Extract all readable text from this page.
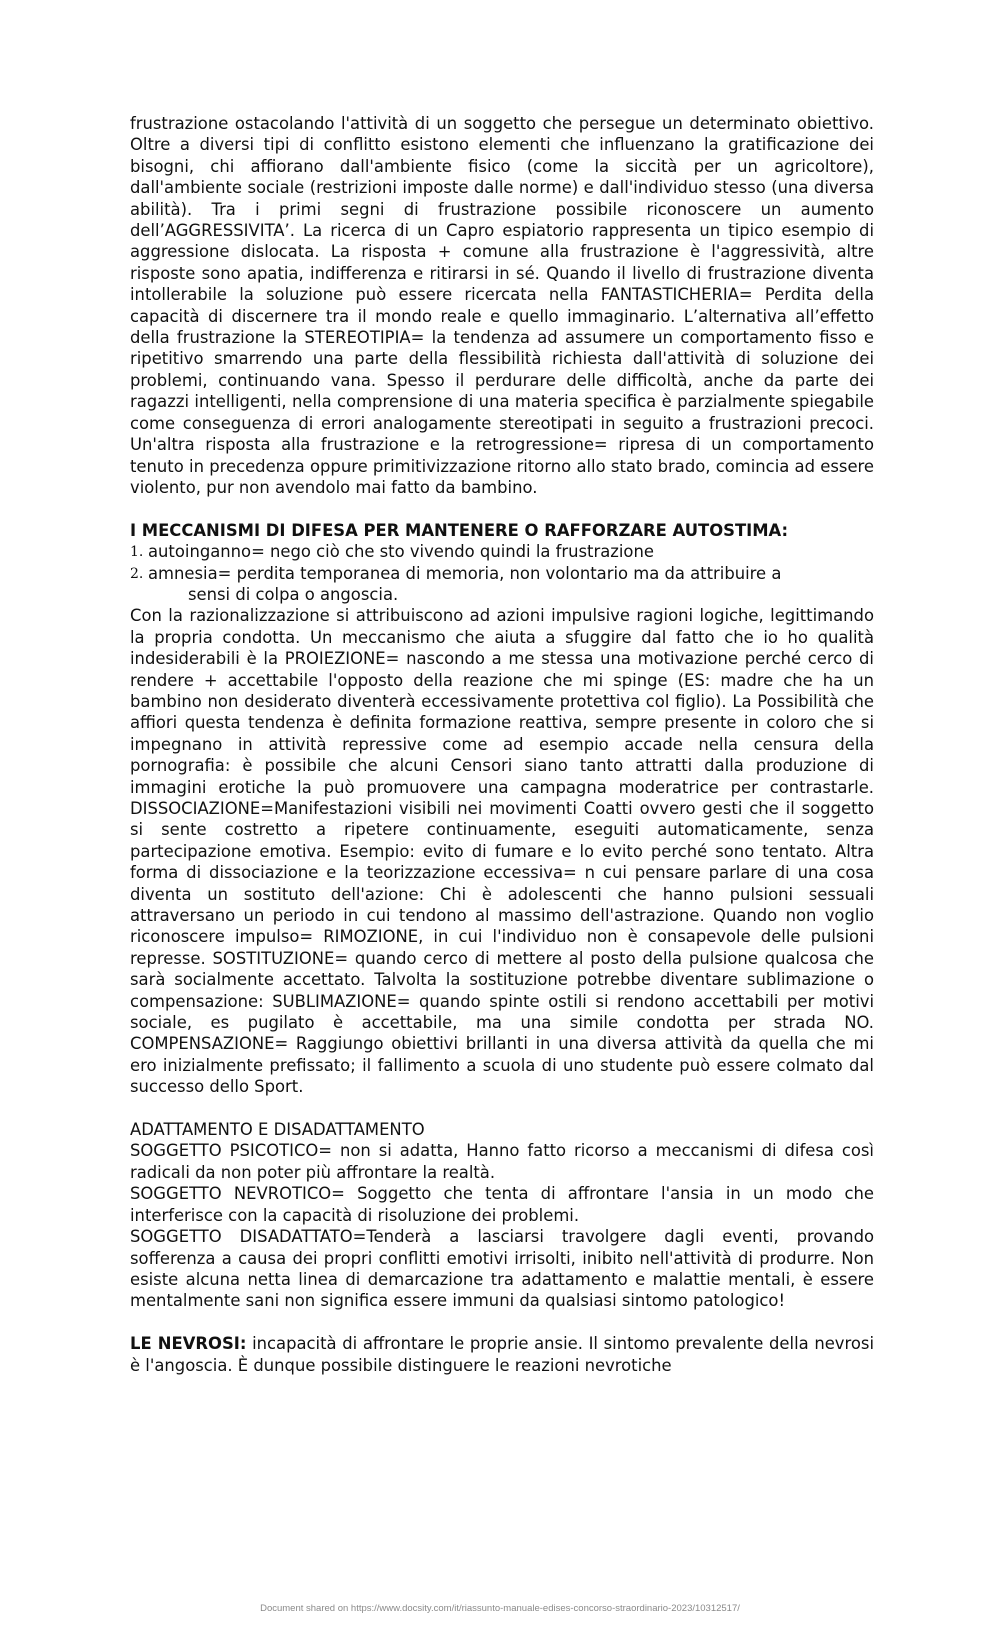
frustrazione ostacolando l'attività di un soggetto che persegue un determinato obiettivo. Oltre a diversi tipi di conflitto esistono elementi che influenzano la gratificazione dei bisogni, chi affiorano dall'ambiente fisico (come la siccità per un agricoltore), dall'ambiente sociale (restrizioni imposte dalle norme) e dall'individuo stesso (una diversa abilità). Tra i primi segni di frustrazione possibile riconoscere un aumento dell’AGGRESSIVITA’. La ricerca di un Capro espiatorio rappresenta un tipico esempio di aggressione dislocata. La risposta + comune alla frustrazione è l'aggressività, altre risposte sono apatia, indifferenza e ritirarsi in sé. Quando il livello di frustrazione diventa intollerabile la soluzione può essere ricercata nella FANTASTICHERIA= Perdita della capacità di discernere tra il mondo reale e quello immaginario. L’alternativa all’effetto della frustrazione la STEREOTIPIA= la tendenza ad assumere un comportamento fisso e ripetitivo smarrendo una parte della flessibilità richiesta dall'attività di soluzione dei problemi, continuando vana. Spesso il perdurare delle difficoltà, anche da parte dei ragazzi intelligenti, nella comprensione di una materia specifica è parzialmente spiegabile come conseguenza di errori analogamente stereotipati in seguito a frustrazioni precoci. Un'altra risposta alla frustrazione e la retrogressione= ripresa di un comportamento tenuto in precedenza oppure primitivizzazione ritorno allo stato brado, comincia ad essere violento, pur non avendolo mai fatto da bambino.

I MECCANISMI DI DIFESA PER MANTENERE O RAFFORZARE AUTOSTIMA:

1. autoinganno= nego ciò che sto vivendo quindi la frustrazione
2. amnesia= perdita temporanea di memoria, non volontario ma da attribuire a
sensi di colpa o angoscia.

Con la razionalizzazione si attribuiscono ad azioni impulsive ragioni logiche, legittimando la propria condotta. Un meccanismo che aiuta a sfuggire dal fatto che io ho qualità indesiderabili è la PROIEZIONE= nascondo a me stessa una motivazione perché cerco di rendere + accettabile l'opposto della reazione che mi spinge (ES: madre che ha un bambino non desiderato diventerà eccessivamente protettiva col figlio). La Possibilità che affiori questa tendenza è definita formazione reattiva, sempre presente in coloro che si impegnano in attività repressive come ad esempio accade nella censura della pornografia: è possibile che alcuni Censori siano tanto attratti dalla produzione di immagini erotiche la può promuovere una campagna moderatrice per contrastarle. DISSOCIAZIONE=Manifestazioni visibili nei movimenti Coatti ovvero gesti che il soggetto si sente costretto a ripetere continuamente, eseguiti automaticamente, senza partecipazione emotiva. Esempio: evito di fumare e lo evito perché sono tentato. Altra forma di dissociazione e la teorizzazione eccessiva= n cui pensare parlare di una cosa diventa un sostituto dell'azione: Chi è adolescenti che hanno pulsioni sessuali attraversano un periodo in cui tendono al massimo dell'astrazione. Quando non voglio riconoscere impulso= RIMOZIONE, in cui l'individuo non è consapevole delle pulsioni represse. SOSTITUZIONE= quando cerco di mettere al posto della pulsione qualcosa che sarà socialmente accettato. Talvolta la sostituzione potrebbe diventare sublimazione o compensazione: SUBLIMAZIONE= quando spinte ostili si rendono accettabili per motivi sociale, es pugilato è accettabile, ma una simile condotta per strada NO. COMPENSAZIONE= Raggiungo obiettivi brillanti in una diversa attività da quella che mi ero inizialmente prefissato; il fallimento a scuola di uno studente può essere colmato dal successo dello Sport.

ADATTAMENTO E DISADATTAMENTO

SOGGETTO PSICOTICO= non si adatta, Hanno fatto ricorso a meccanismi di difesa così radicali da non poter più affrontare la realtà.

SOGGETTO NEVROTICO= Soggetto che tenta di affrontare l'ansia in un modo che interferisce con la capacità di risoluzione dei problemi.

SOGGETTO DISADATTATO=Tenderà a lasciarsi travolgere dagli eventi, provando sofferenza a causa dei propri conflitti emotivi irrisolti, inibito nell'attività di produrre. Non esiste alcuna netta linea di demarcazione tra adattamento e malattie mentali, è essere mentalmente sani non significa essere immuni da qualsiasi sintomo patologico!

LE NEVROSI: incapacità di affrontare le proprie ansie. Il sintomo prevalente della nevrosi è l'angoscia. È dunque possibile distinguere le reazioni nevrotiche

Document shared on https://www.docsity.com/it/riassunto-manuale-edises-concorso-straordinario-2023/10312517/
